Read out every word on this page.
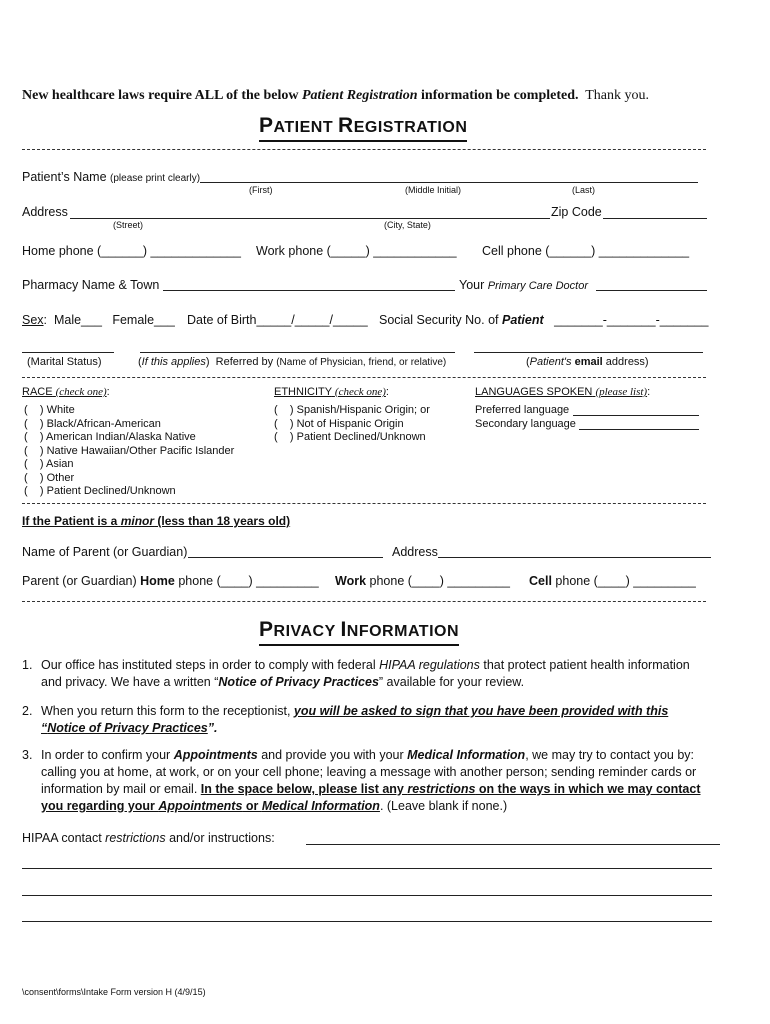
New healthcare laws require ALL of the below Patient Registration information be completed. Thank you.
PATIENT REGISTRATION
Patient’s Name (please print clearly)
(First)	(Middle Initial)	(Last)
Address	Zip Code
(Street)	(City, State)
Home phone (______) _____________ Work phone (_____) ____________ Cell phone (______) _____________
Pharmacy Name & Town	Your Primary Care Doctor
Sex:  Male___ Female___ Date of Birth_____/_____/_____ Social Security No. of Patient _______-_______-_______
(Marital Status)	(If this applies)  Referred by (Name of Physician, friend, or relative)	(Patient's email address)
RACE (check one):
(    ) White
(    ) Black/African-American
(    ) American Indian/Alaska Native
(    ) Native Hawaiian/Other Pacific Islander
(    ) Asian
(    ) Other
(    ) Patient Declined/Unknown
ETHNICITY (check one):
(    ) Spanish/Hispanic Origin; or
(    ) Not of Hispanic Origin
(    ) Patient Declined/Unknown
LANGUAGES SPOKEN (please list):
Preferred language
Secondary language
If the Patient is a minor (less than 18 years old)
Name of Parent (or Guardian)	Address
Parent (or Guardian) Home phone (____) _________ Work phone (____) _________ Cell phone (____) _________
PRIVACY INFORMATION
1. Our office has instituted steps in order to comply with federal HIPAA regulations that protect patient health information and privacy. We have a written “Notice of Privacy Practices” available for your review.
2. When you return this form to the receptionist, you will be asked to sign that you have been provided with this “Notice of Privacy Practices”.
3. In order to confirm your Appointments and provide you with your Medical Information, we may try to contact you by: calling you at home, at work, or on your cell phone; leaving a message with another person; sending reminder cards or information by mail or email. In the space below, please list any restrictions on the ways in which we may contact you regarding your Appointments or Medical Information. (Leave blank if none.)
HIPAA contact restrictions and/or instructions:
\consent\forms\Intake Form version H (4/9/15)
